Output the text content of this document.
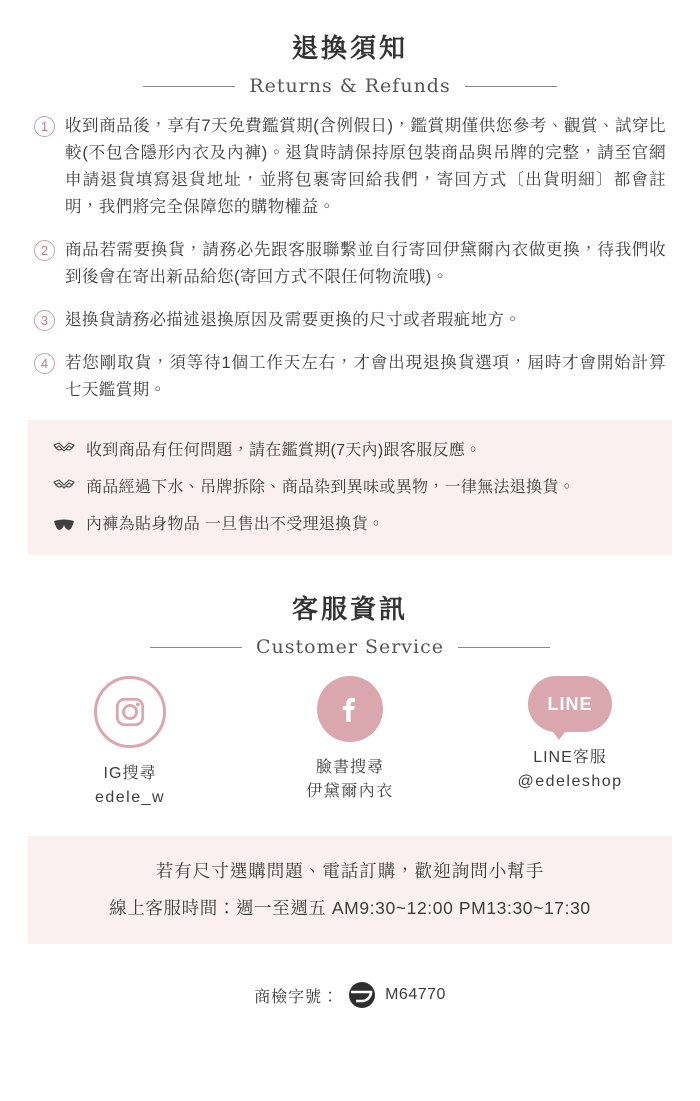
退換須知
Returns & Refunds
1	收到商品後，享有7天免費鑑賞期(含例假日)，鑑賞期僅供您參考、觀賞、試穿比較(不包含隱形內衣及內褲)。退貨時請保持原包裝商品與吊牌的完整，請至官網申請退貨填寫退貨地址，並將包裹寄回給我們，寄回方式〔出貨明細〕都會註明，我們將完全保障您的購物權益。
2	商品若需要換貨，請務必先跟客服聯繫並自行寄回伊黛爾內衣做更換，待我們收到後會在寄出新品給您(寄回方式不限任何物流哦)。
3	退換貨請務必描述退換原因及需要更換的尺寸或者瑕疵地方。
4	若您剛取貨，須等待1個工作天左右，才會出現退換貨選項，屆時才會開始計算七天鑑賞期。
收到商品有任何問題，請在鑑賞期(7天內)跟客服反應。
商品經過下水、吊牌拆除、商品染到異味或異物，一律無法退換貨。
內褲為貼身物品 一旦售出不受理退換貨。
客服資訊
Customer Service
IG搜尋
edele_w
臉書搜尋
伊黛爾內衣
LINE
LINE客服
@edeleshop
若有尺寸選購問題、電話訂購，歡迎詢問小幫手
線上客服時間：週一至週五 AM9:30~12:00 PM13:30~17:30
商檢字號：	M64770
